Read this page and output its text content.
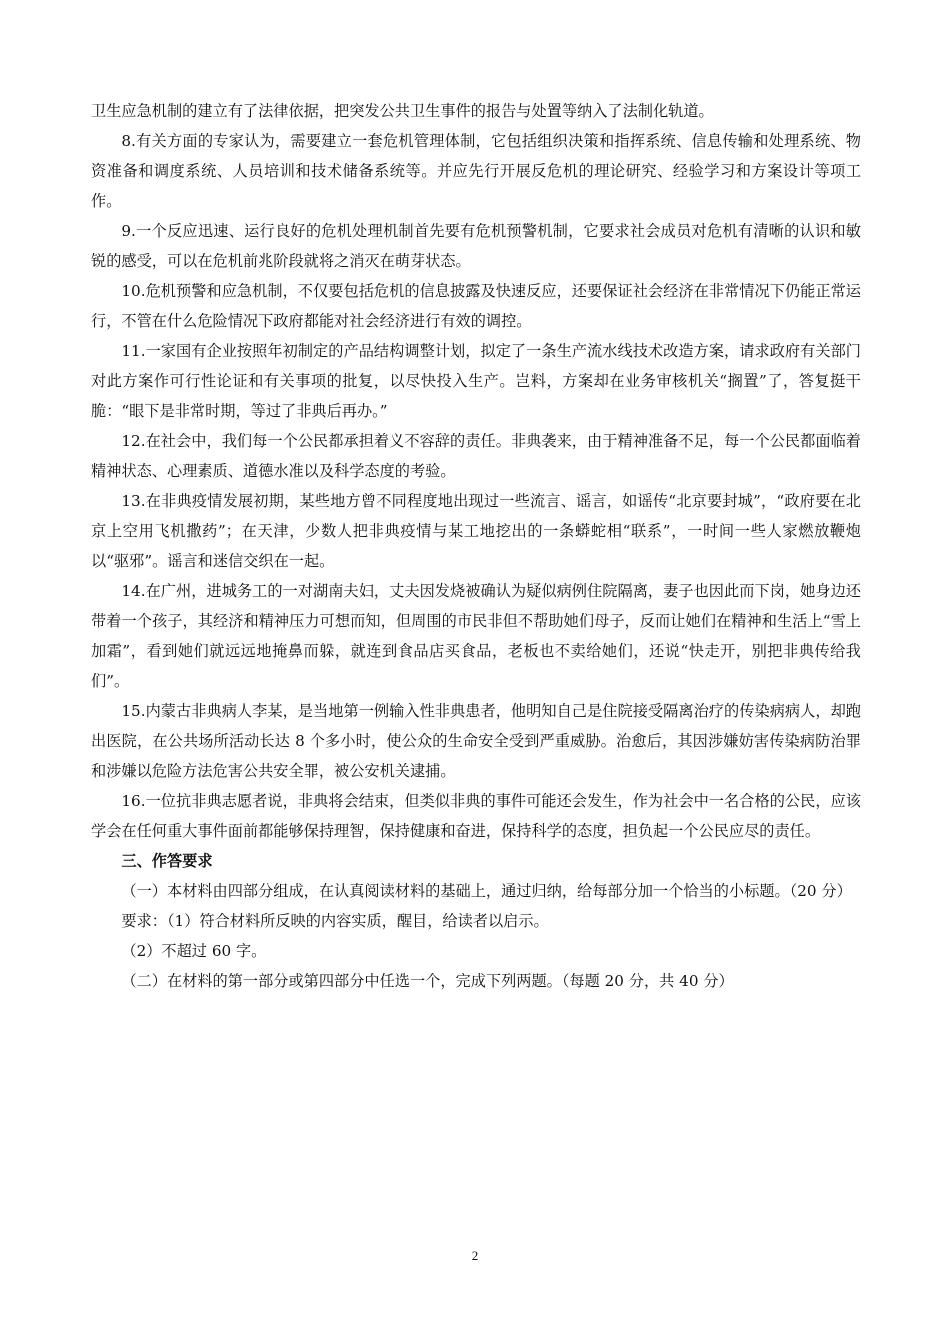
卫生应急机制的建立有了法律依据，把突发公共卫生事件的报告与处置等纳入了法制化轨道。

8.有关方面的专家认为，需要建立一套危机管理体制，它包括组织决策和指挥系统、信息传输和处理系统、物资准备和调度系统、人员培训和技术储备系统等。并应先行开展反危机的理论研究、经验学习和方案设计等项工作。

9.一个反应迅速、运行良好的危机处理机制首先要有危机预警机制，它要求社会成员对危机有清晰的认识和敏锐的感受，可以在危机前兆阶段就将之消灭在萌芽状态。

10.危机预警和应急机制，不仅要包括危机的信息披露及快速反应，还要保证社会经济在非常情况下仍能正常运行，不管在什么危险情况下政府都能对社会经济进行有效的调控。

11.一家国有企业按照年初制定的产品结构调整计划，拟定了一条生产流水线技术改造方案，请求政府有关部门对此方案作可行性论证和有关事项的批复，以尽快投入生产。岂料，方案却在业务审核机关“搁置”了，答复挺干脆：“眼下是非常时期，等过了非典后再办。”

12.在社会中，我们每一个公民都承担着义不容辞的责任。非典袭来，由于精神准备不足，每一个公民都面临着精神状态、心理素质、道德水准以及科学态度的考验。

13.在非典疫情发展初期，某些地方曾不同程度地出现过一些流言、谣言，如谣传“北京要封城”，“政府要在北京上空用飞机撒药”；在天津，少数人把非典疫情与某工地挖出的一条蟒蛇相“联系”，一时间一些人家燃放鞭炮以“驱邪”。谣言和迷信交织在一起。

14.在广州，进城务工的一对湖南夫妇，丈夫因发烧被确认为疑似病例住院隔离，妻子也因此而下岗，她身边还带着一个孩子，其经济和精神压力可想而知，但周围的市民非但不帮助她们母子，反而让她们在精神和生活上“雪上加霜”，看到她们就远远地掩鼻而躲，就连到食品店买食品，老板也不卖给她们，还说“快走开，别把非典传给我们”。

15.内蒙古非典病人李某，是当地第一例输入性非典患者，他明知自己是住院接受隔离治疗的传染病病人，却跑出医院，在公共场所活动长达 8 个多小时，使公众的生命安全受到严重威胁。治愈后，其因涉嫌妨害传染病防治罪和涉嫌以危险方法危害公共安全罪，被公安机关逮捕。

16.一位抗非典志愿者说，非典将会结束，但类似非典的事件可能还会发生，作为社会中一名合格的公民，应该学会在任何重大事件面前都能够保持理智，保持健康和奋进，保持科学的态度，担负起一个公民应尽的责任。

三、作答要求

（一）本材料由四部分组成，在认真阅读材料的基础上，通过归纳，给每部分加一个恰当的小标题。（20 分）

要求：（1）符合材料所反映的内容实质，醒目，给读者以启示。

（2）不超过 60 字。

（二）在材料的第一部分或第四部分中任选一个，完成下列两题。（每题 20 分，共 40 分）

2
